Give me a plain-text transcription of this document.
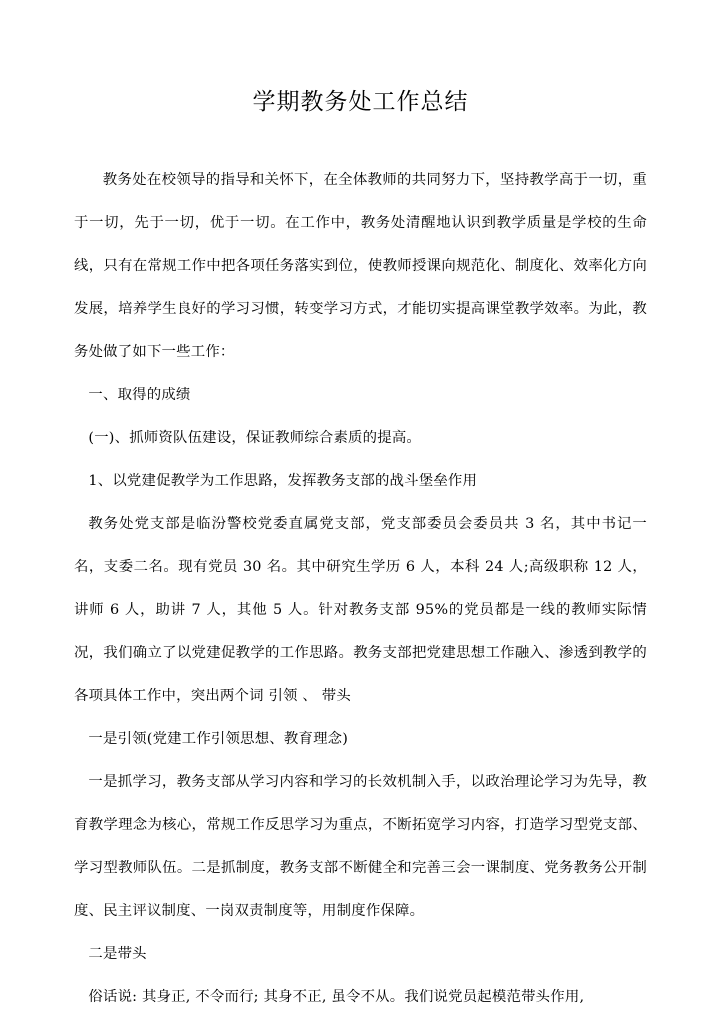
学期教务处工作总结

教务处在校领导的指导和关怀下，在全体教师的共同努力下，坚持教学高于一切，重于一切，先于一切，优于一切。在工作中，教务处清醒地认识到教学质量是学校的生命线，只有在常规工作中把各项任务落实到位，使教师授课向规范化、制度化、效率化方向发展，培养学生良好的学习习惯，转变学习方式，才能切实提高课堂教学效率。为此，教务处做了如下一些工作：

一、取得的成绩

(一)、抓师资队伍建设，保证教师综合素质的提高。

1、以党建促教学为工作思路，发挥教务支部的战斗堡垒作用

教务处党支部是临汾警校党委直属党支部，党支部委员会委员共 3 名，其中书记一名，支委二名。现有党员 30 名。其中研究生学历 6 人，本科 24 人;高级职称 12 人，讲师 6 人，助讲 7 人，其他 5 人。针对教务支部 95%的党员都是一线的教师实际情况，我们确立了以党建促教学的工作思路。教务支部把党建思想工作融入、渗透到教学的各项具体工作中，突出两个词 引领 、 带头

一是引领(党建工作引领思想、教育理念)

一是抓学习，教务支部从学习内容和学习的长效机制入手，以政治理论学习为先导，教育教学理念为核心，常规工作反思学习为重点，不断拓宽学习内容，打造学习型党支部、学习型教师队伍。二是抓制度，教务支部不断健全和完善三会一课制度、党务教务公开制度、民主评议制度、一岗双责制度等，用制度作保障。

二是带头

俗话说: 其身正, 不令而行; 其身不正, 虽令不从。我们说党员起模范带头作用,
